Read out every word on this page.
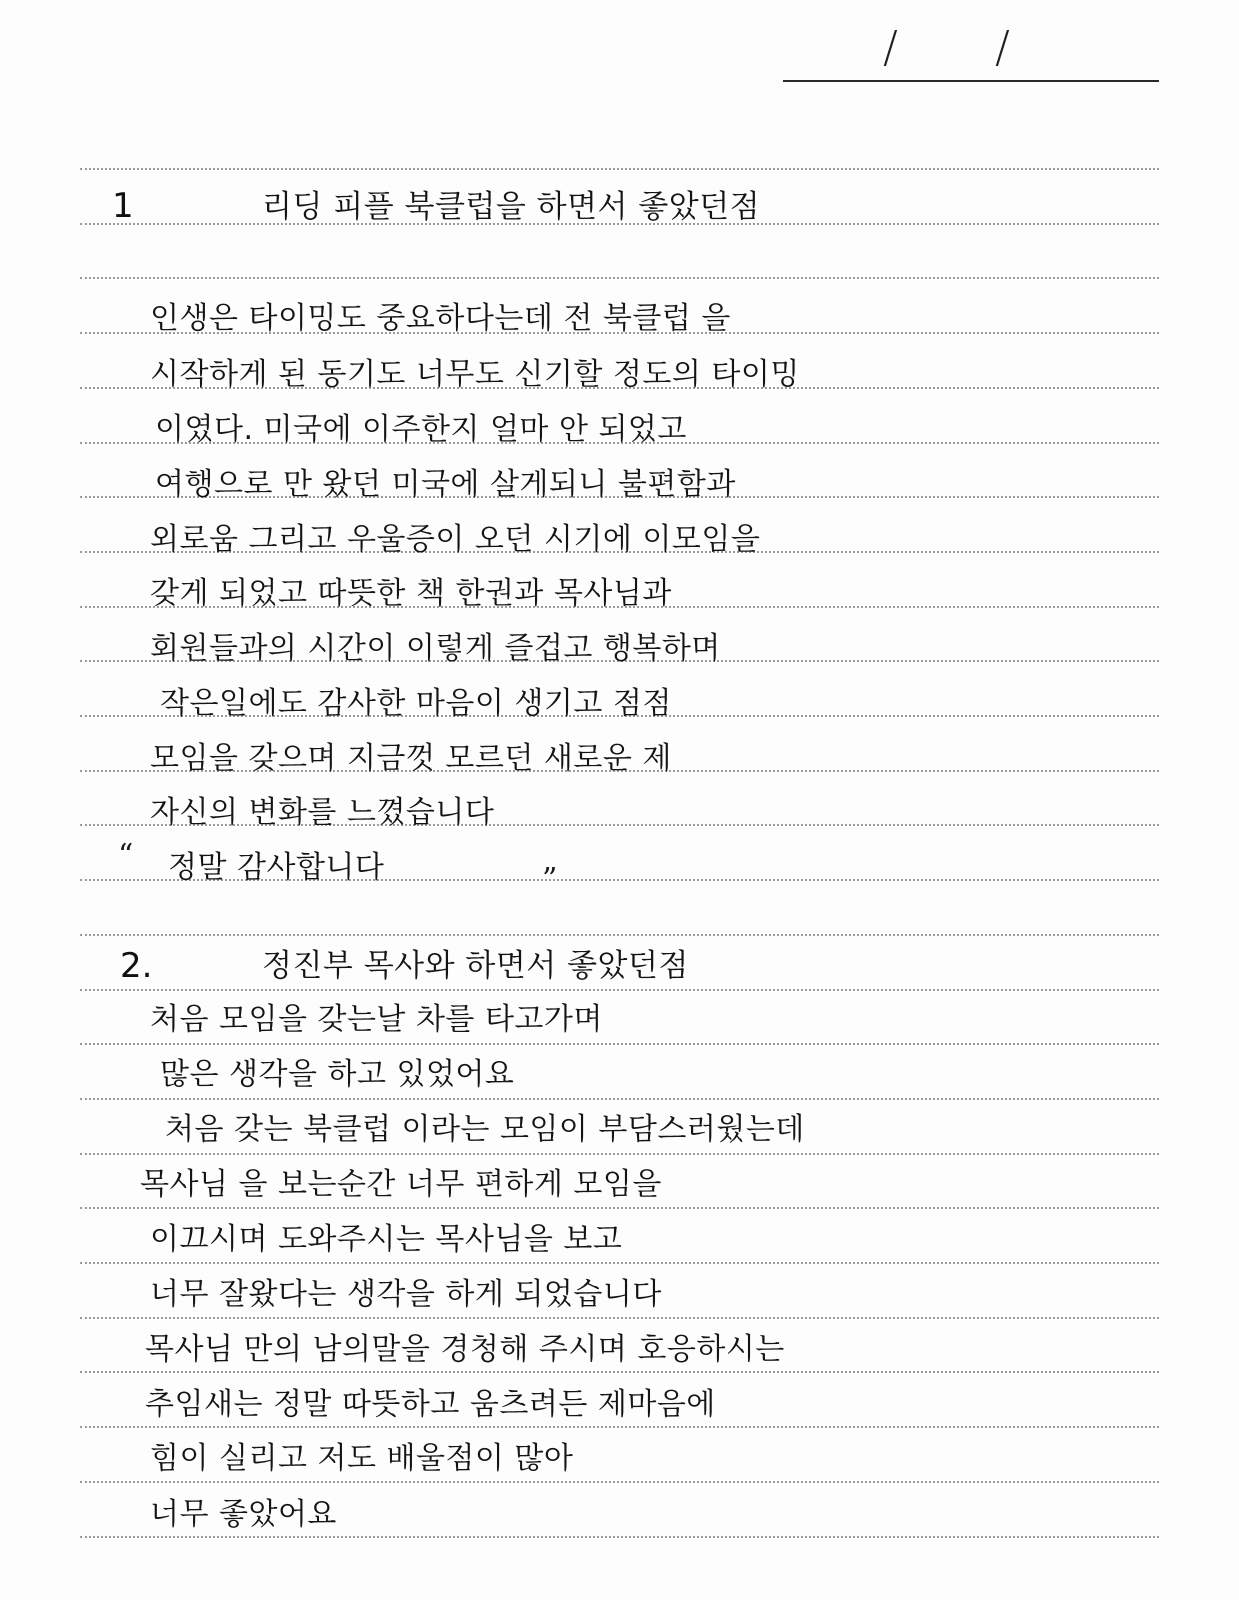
/ /
1	리딩 피플 북클럽을 하면서 좋았던점
인생은 타이밍도 중요하다는데 전 북클럽 을
시작하게 된 동기도 너무도 신기할 정도의 타이밍
이였다. 미국에 이주한지 얼마 안 되었고
여행으로 만 왔던 미국에 살게되니 불편함과
외로움 그리고 우울증이 오던 시기에 이모임을
갖게 되었고 따뜻한 책 한권과 목사님과
회원들과의 시간이 이렇게 즐겁고 행복하며
작은일에도 감사한 마음이 생기고 점점
모임을 갖으며 지금껏 모르던 새로운 제
자신의 변화를 느꼈습니다
“ 정말 감사합니다	”
2.	정진부 목사와 하면서 좋았던점
처음 모임을 갖는날 차를 타고가며
많은 생각을 하고 있었어요
처음 갖는 북클럽 이라는 모임이 부담스러웠는데
목사님 을 보는순간 너무 편하게 모임을
이끄시며 도와주시는 목사님을 보고
너무 잘왔다는 생각을 하게 되었습니다
목사님 만의 남의말을 경청해 주시며 호응하시는
추임새는 정말 따뜻하고 움츠려든 제마음에
힘이 실리고 저도 배울점이 많아
너무 좋았어요
